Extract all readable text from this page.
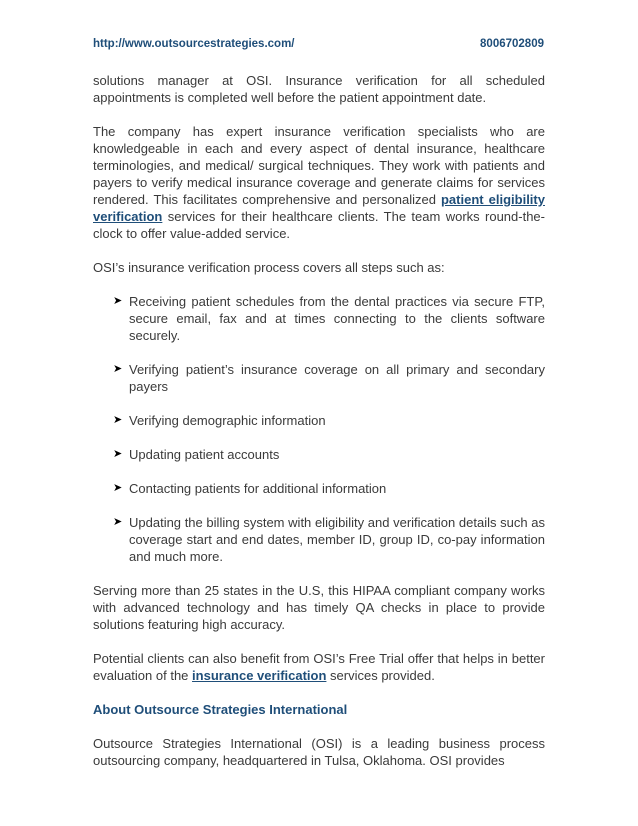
http://www.outsourcestrategies.com/	8006702809

solutions manager at OSI. Insurance verification for all scheduled appointments is completed well before the patient appointment date.

The company has expert insurance verification specialists who are knowledgeable in each and every aspect of dental insurance, healthcare terminologies, and medical/ surgical techniques. They work with patients and payers to verify medical insurance coverage and generate claims for services rendered. This facilitates comprehensive and personalized patient eligibility verification services for their healthcare clients. The team works round-the-clock to offer value-added service.

OSI’s insurance verification process covers all steps such as:

➤ Receiving patient schedules from the dental practices via secure FTP, secure email, fax and at times connecting to the clients software securely.
➤ Verifying patient’s insurance coverage on all primary and secondary payers
➤ Verifying demographic information
➤ Updating patient accounts
➤ Contacting patients for additional information
➤ Updating the billing system with eligibility and verification details such as coverage start and end dates, member ID, group ID, co-pay information and much more.

Serving more than 25 states in the U.S, this HIPAA compliant company works with advanced technology and has timely QA checks in place to provide solutions featuring high accuracy.

Potential clients can also benefit from OSI’s Free Trial offer that helps in better evaluation of the insurance verification services provided.

About Outsource Strategies International

Outsource Strategies International (OSI) is a leading business process outsourcing company, headquartered in Tulsa, Oklahoma. OSI provides
